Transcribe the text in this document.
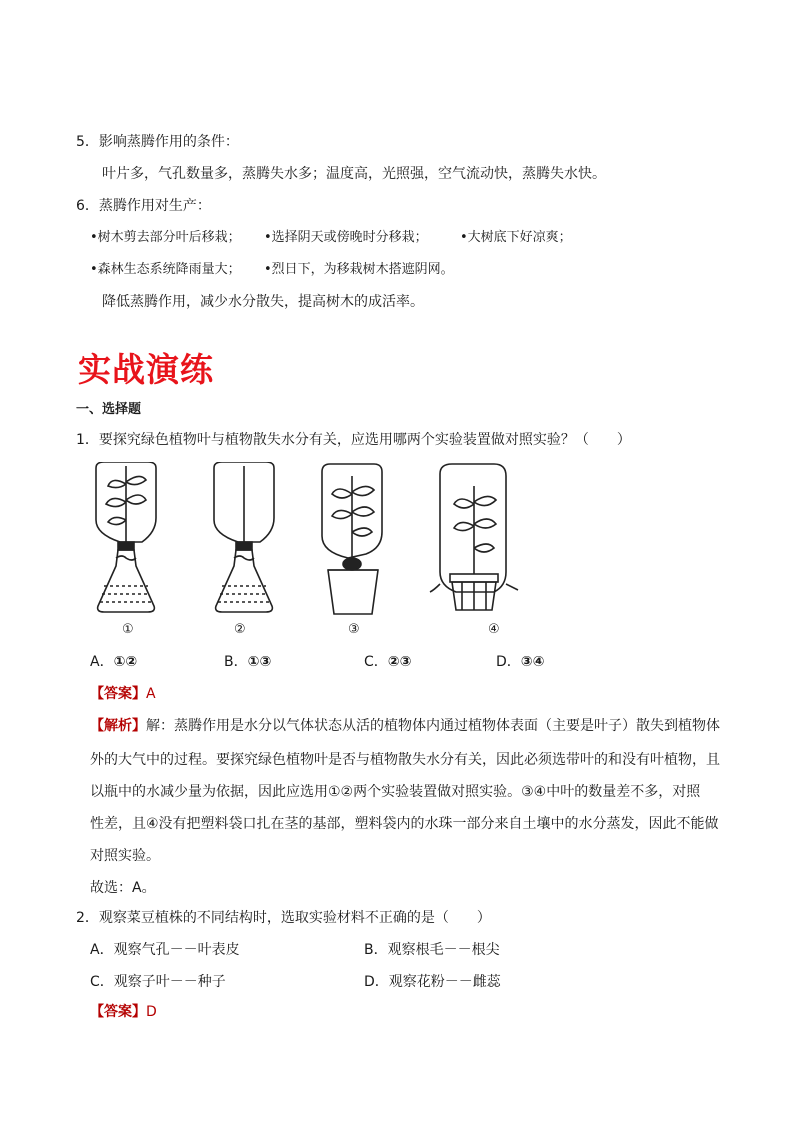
5．影响蒸腾作用的条件：
叶片多，气孔数量多，蒸腾失水多；温度高，光照强，空气流动快，蒸腾失水快。
6．蒸腾作用对生产：
•树木剪去部分叶后移栽； •选择阴天或傍晚时分移栽； •大树底下好凉爽；
•森林生态系统降雨量大； •烈日下，为移栽树木搭遮阴网。
降低蒸腾作用，减少水分散失，提高树木的成活率。
实战演练
一、选择题
1．要探究绿色植物叶与植物散失水分有关，应选用哪两个实验装置做对照实验？（　　）
①	②	③	④
A．①②	B．①③	C．②③	D．③④
【答案】A
【解析】解：蒸腾作用是水分以气体状态从活的植物体内通过植物体表面（主要是叶子）散失到植物体
外的大气中的过程。要探究绿色植物叶是否与植物散失水分有关，因此必须选带叶的和没有叶植物，且
以瓶中的水减少量为依据，因此应选用①②两个实验装置做对照实验。③④中叶的数量差不多，对照
性差，且④没有把塑料袋口扎在茎的基部，塑料袋内的水珠一部分来自土壤中的水分蒸发，因此不能做
对照实验。
故选：A。
2．观察菜豆植株的不同结构时，选取实验材料不正确的是（　　）
A．观察气孔－－叶表皮	B．观察根毛－－根尖
C．观察子叶－－种子	D．观察花粉－－雌蕊
【答案】D
